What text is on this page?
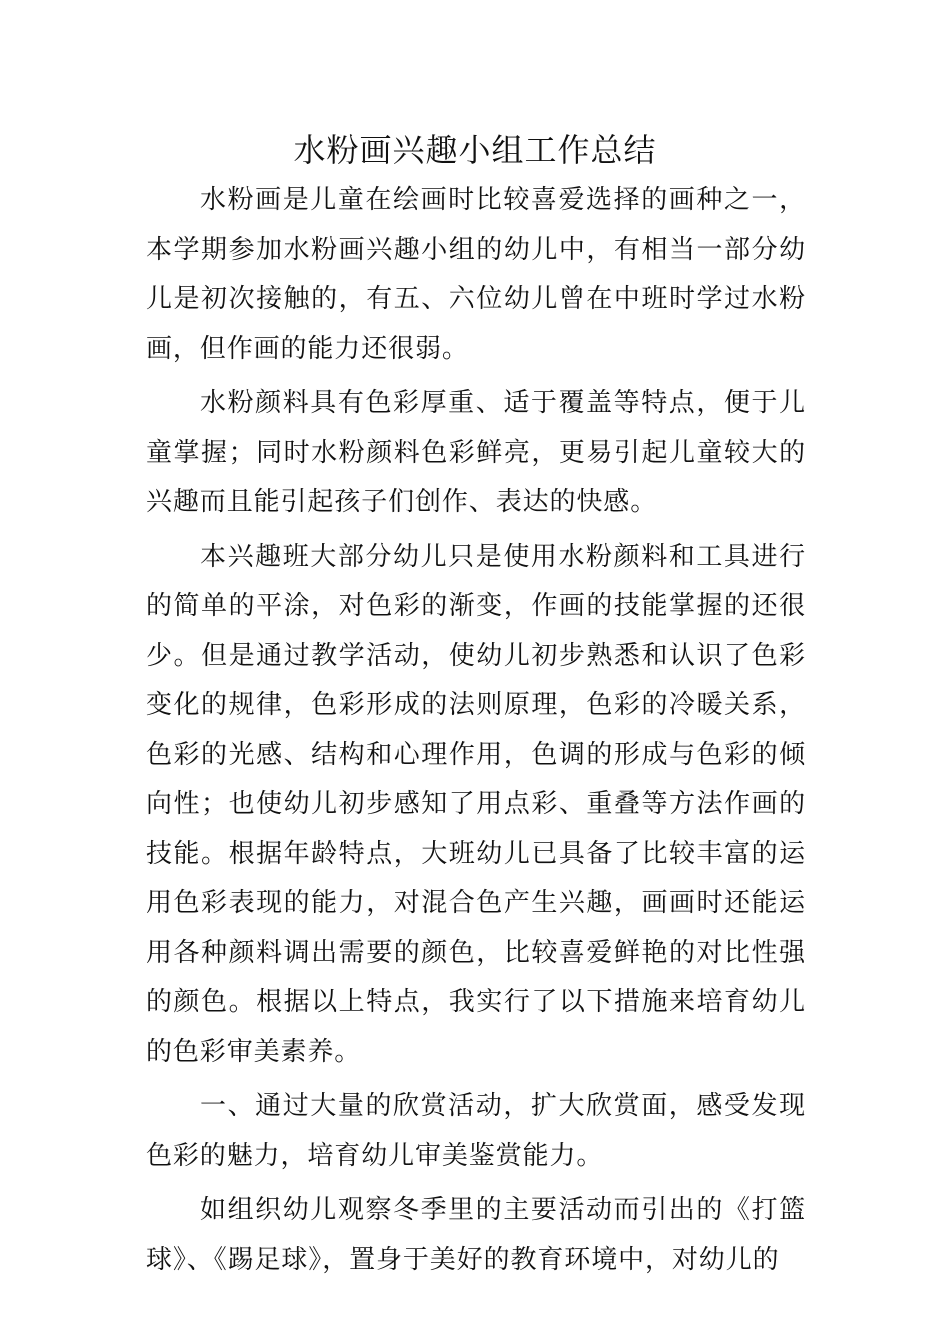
水粉画兴趣小组工作总结

水粉画是儿童在绘画时比较喜爱选择的画种之一，本学期参加水粉画兴趣小组的幼儿中，有相当一部分幼儿是初次接触的，有五、六位幼儿曾在中班时学过水粉画，但作画的能力还很弱。

水粉颜料具有色彩厚重、适于覆盖等特点，便于儿童掌握；同时水粉颜料色彩鲜亮，更易引起儿童较大的兴趣而且能引起孩子们创作、表达的快感。

本兴趣班大部分幼儿只是使用水粉颜料和工具进行的简单的平涂，对色彩的渐变，作画的技能掌握的还很少。但是通过教学活动，使幼儿初步熟悉和认识了色彩变化的规律，色彩形成的法则原理，色彩的冷暖关系，色彩的光感、结构和心理作用，色调的形成与色彩的倾向性；也使幼儿初步感知了用点彩、重叠等方法作画的技能。根据年龄特点，大班幼儿已具备了比较丰富的运用色彩表现的能力，对混合色产生兴趣，画画时还能运用各种颜料调出需要的颜色，比较喜爱鲜艳的对比性强的颜色。根据以上特点，我实行了以下措施来培育幼儿的色彩审美素养。

一、通过大量的欣赏活动，扩大欣赏面，感受发现色彩的魅力，培育幼儿审美鉴赏能力。

如组织幼儿观察冬季里的主要活动而引出的《打篮球》、《踢足球》，置身于美好的教育环境中，对幼儿的
